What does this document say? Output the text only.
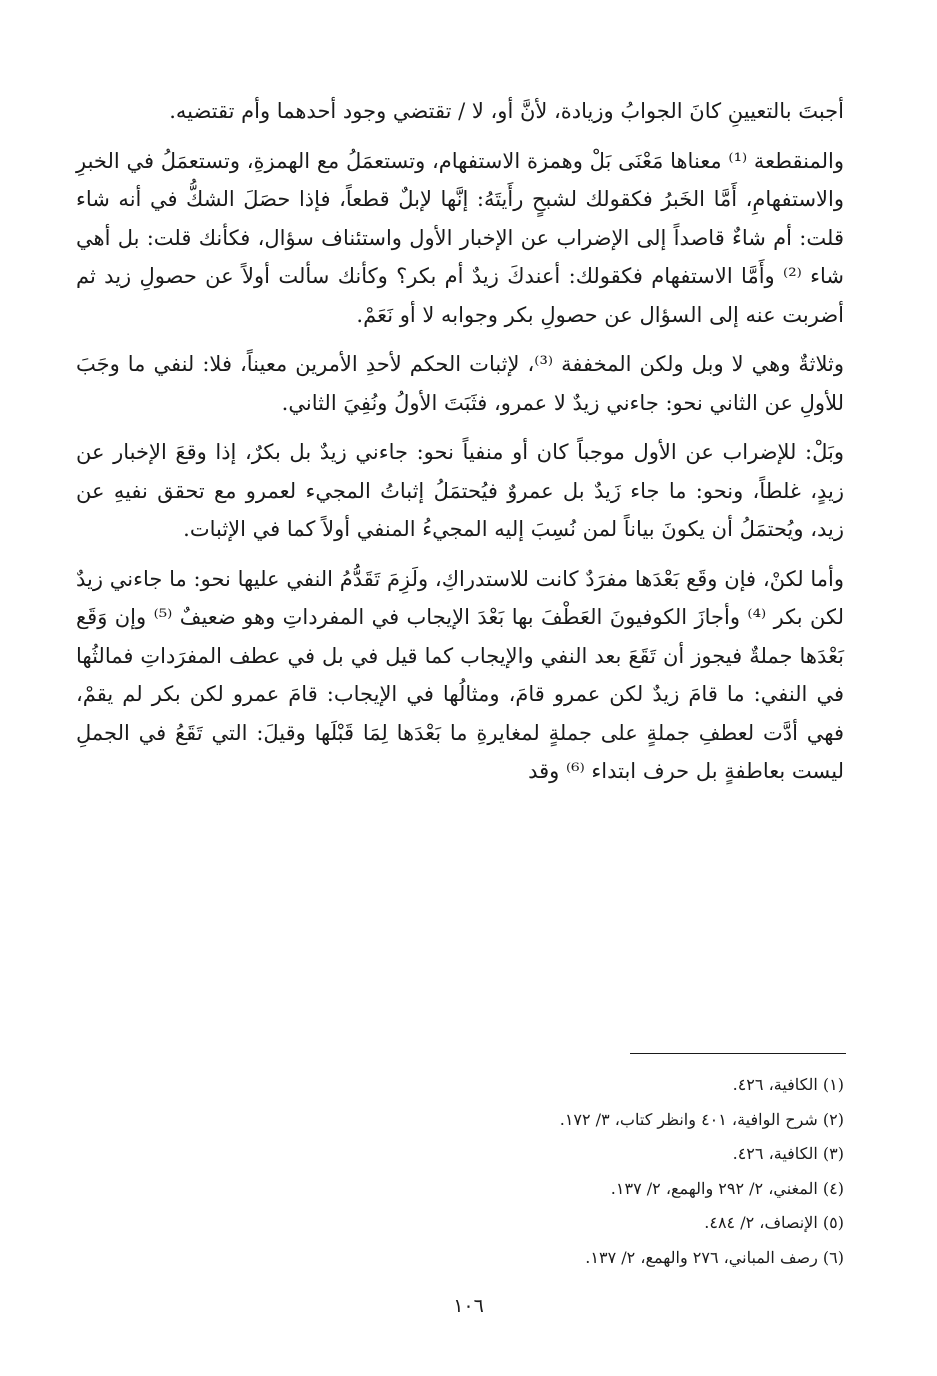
أجبتَ بالتعيينِ كانَ الجوابُ وزيادة، لأنَّ أو، لا / تقتضي وجود أحدهما وأم تقتضيه.

والمنقطعة ⁽¹⁾ معناها مَعْنَى بَلْ وهمزة الاستفهام، وتستعمَلُ مع الهمزةِ، وتستعمَلُ في الخبرِ والاستفهامِ، أَمَّا الخَبرُ فكقولك لشبحٍ رأَيتَهُ: إنَّها لإبلٌ قطعاً، فإذا حصَلَ الشكُّ في أنه شاء قلت: أم شاءٌ قاصداً إلى الإضراب عن الإخبار الأول واستئناف سؤال، فكأنك قلت: بل أهي شاء ⁽²⁾ وأَمَّا الاستفهام فكقولك: أعندكَ زيدٌ أم بكر؟ وكأنك سألت أولاً عن حصولِ زيد ثم أضربت عنه إلى السؤال عن حصولِ بكر وجوابه لا أو نَعَمْ.

وثلاثةٌ وهي لا وبل ولكن المخففة ⁽³⁾، لإثبات الحكم لأحدِ الأمرين معيناً، فلا: لنفي ما وجَبَ للأولِ عن الثاني نحو: جاءني زيدٌ لا عمرو، فثَبَتَ الأولُ ونُفِيَ الثاني.

وبَلْ: للإضراب عن الأول موجباً كان أو منفياً نحو: جاءني زيدٌ بل بكرٌ، إذا وقعَ الإخبار عن زيدٍ، غلطاً، ونحو: ما جاء زَيدٌ بل عمروٌ فيُحتمَلُ إثباتُ المجيء لعمرو مع تحقق نفيهِ عن زيد، ويُحتمَلُ أن يكونَ بياناً لمن نُسِبَ إليه المجيءُ المنفي أولاً كما في الإثبات.

وأما لكنْ، فإن وقَع بَعْدَها مفرَدٌ كانت للاستدراكِ، ولَزِمَ تَقَدُّمُ النفي عليها نحو: ما جاءني زيدٌ لكن بكر ⁽⁴⁾ وأجازَ الكوفيونَ العَطْفَ بها بَعْدَ الإيجاب في المفرداتِ وهو ضعيفٌ ⁽⁵⁾ وإن وَقَع بَعْدَها جملةٌ فيجوز أن تَقَعَ بعد النفي والإيجاب كما قيل في بل في عطف المفرَداتِ فمالثُها في النفي: ما قامَ زيدٌ لكن عمرو قامَ، ومثالُها في الإيجاب: قامَ عمرو لكن بكر لم يقمْ، فهي أدَّت لعطفِ جملةٍ على جملةٍ لمغايرةِ ما بَعْدَها لِمَا قَبْلَها وقيلَ: التي تَقَعُ في الجملِ ليست بعاطفةٍ بل حرف ابتداء ⁽⁶⁾ وقد

(١) الكافية، ٤٢٦.

(٢) شرح الوافية، ٤٠١ وانظر كتاب، ٣/ ١٧٢.

(٣) الكافية، ٤٢٦.

(٤) المغني، ٢/ ٢٩٢ والهمع، ٢/ ١٣٧.

(٥) الإنصاف، ٢/ ٤٨٤.

(٦) رصف المباني، ٢٧٦ والهمع، ٢/ ١٣٧.

١٠٦
